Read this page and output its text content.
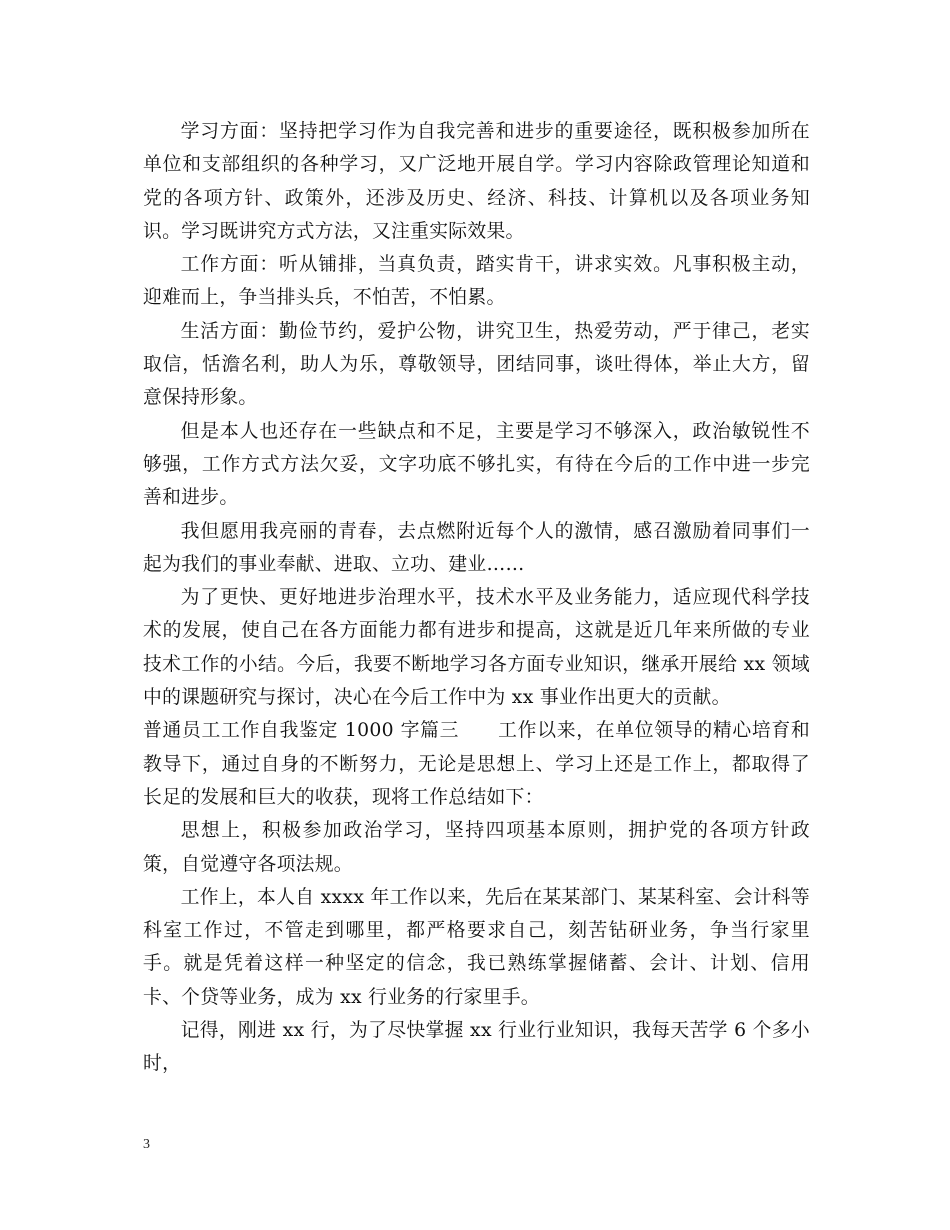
学习方面：坚持把学习作为自我完善和进步的重要途径，既积极参加所在单位和支部组织的各种学习，又广泛地开展自学。学习内容除政管理论知道和党的各项方针、政策外，还涉及历史、经济、科技、计算机以及各项业务知识。学习既讲究方式方法，又注重实际效果。

工作方面：听从铺排，当真负责，踏实肯干，讲求实效。凡事积极主动，迎难而上，争当排头兵，不怕苦，不怕累。

生活方面：勤俭节约，爱护公物，讲究卫生，热爱劳动，严于律己，老实取信，恬澹名利，助人为乐，尊敬领导，团结同事，谈吐得体，举止大方，留意保持形象。

但是本人也还存在一些缺点和不足，主要是学习不够深入，政治敏锐性不够强，工作方式方法欠妥，文字功底不够扎实，有待在今后的工作中进一步完善和进步。

我但愿用我亮丽的青春，去点燃附近每个人的激情，感召激励着同事们一起为我们的事业奉献、进取、立功、建业……

为了更快、更好地进步治理水平，技术水平及业务能力，适应现代科学技术的发展，使自己在各方面能力都有进步和提高，这就是近几年来所做的专业技术工作的小结。今后，我要不断地学习各方面专业知识，继承开展给 xx 领域中的课题研究与探讨，决心在今后工作中为 xx 事业作出更大的贡献。

普通员工工作自我鉴定 1000 字篇三　　工作以来，在单位领导的精心培育和教导下，通过自身的不断努力，无论是思想上、学习上还是工作上，都取得了长足的发展和巨大的收获，现将工作总结如下：

思想上，积极参加政治学习，坚持四项基本原则，拥护党的各项方针政策，自觉遵守各项法规。

工作上，本人自 xxxx 年工作以来，先后在某某部门、某某科室、会计科等科室工作过，不管走到哪里，都严格要求自己，刻苦钻研业务，争当行家里手。就是凭着这样一种坚定的信念，我已熟练掌握储蓄、会计、计划、信用卡、个贷等业务，成为 xx 行业务的行家里手。

记得，刚进 xx 行，为了尽快掌握 xx 行业行业知识，我每天苦学 6 个多小时，

3
